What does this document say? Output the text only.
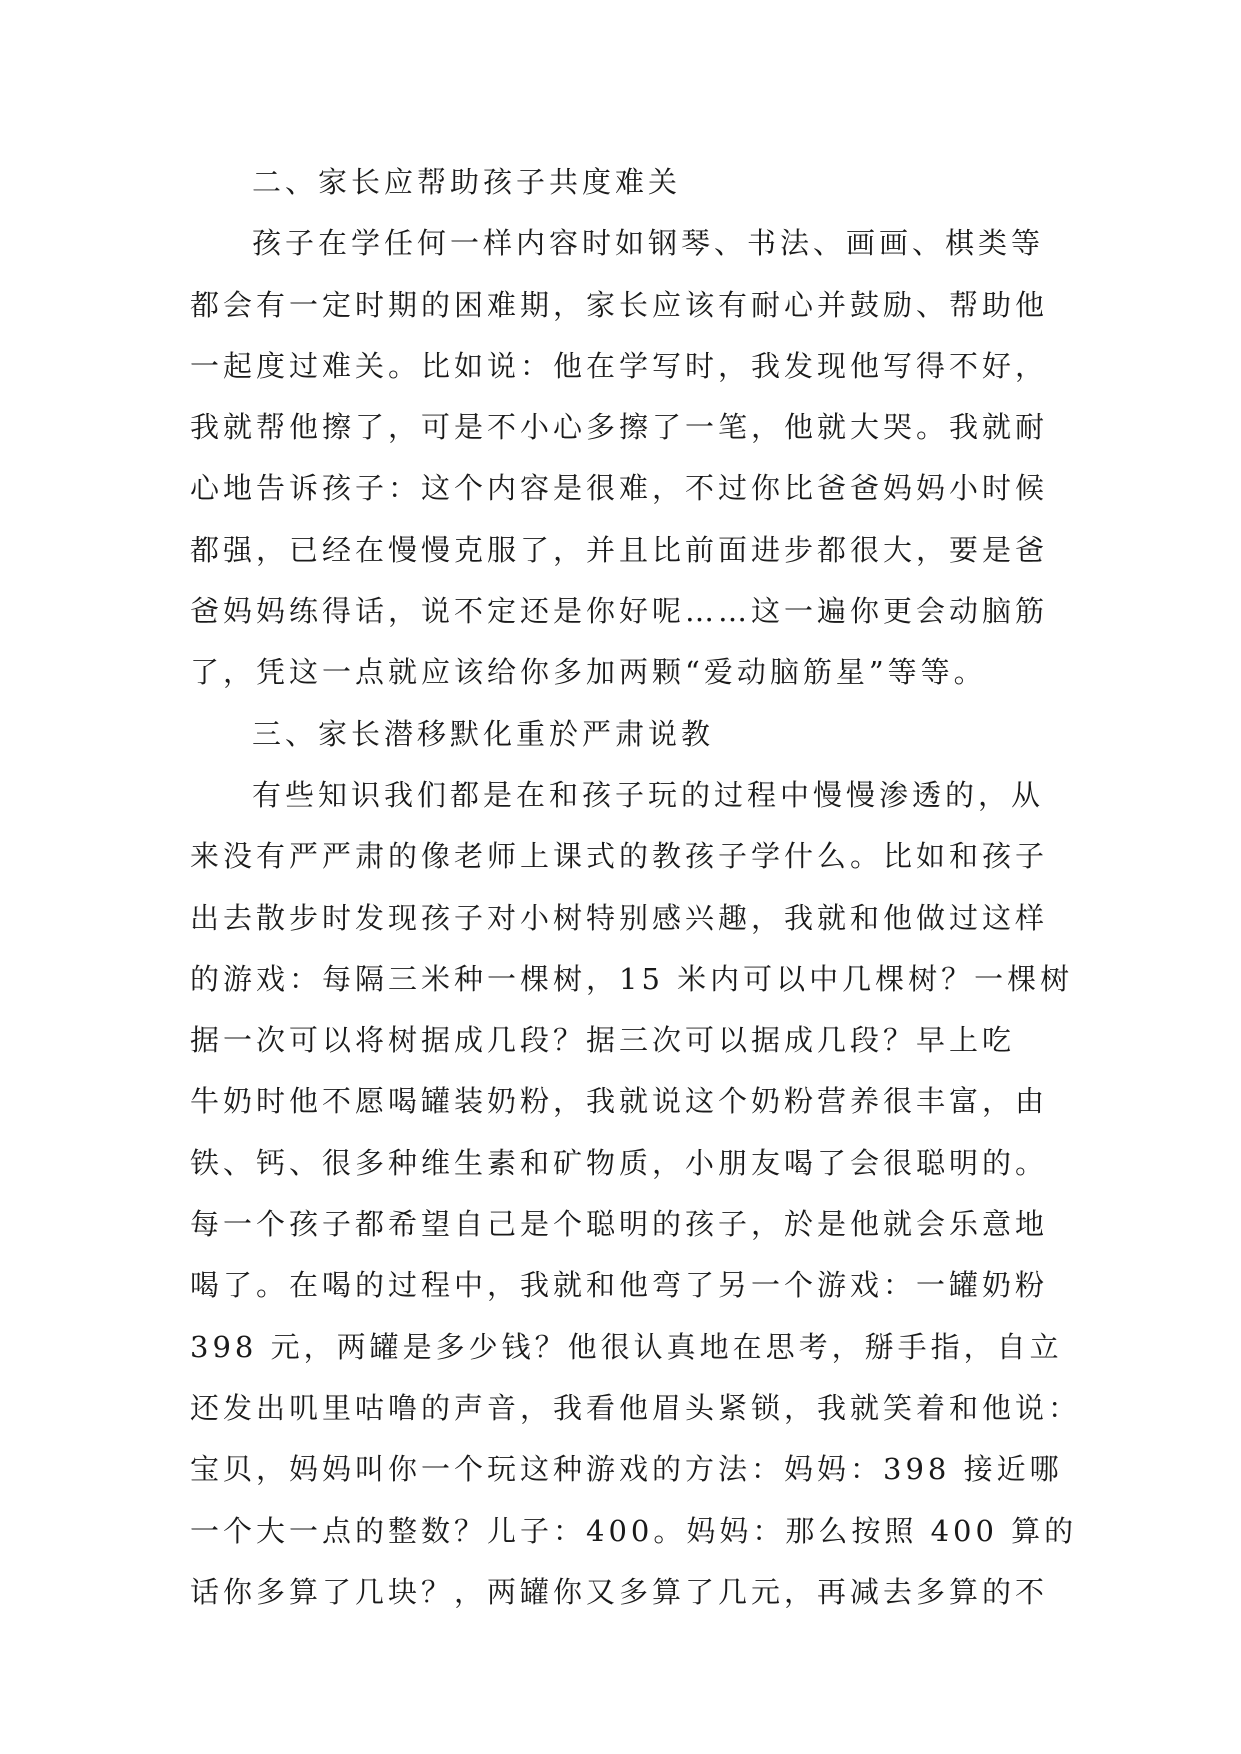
二、家长应帮助孩子共度难关
孩子在学任何一样内容时如钢琴、书法、画画、棋类等
都会有一定时期的困难期，家长应该有耐心并鼓励、帮助他
一起度过难关。比如说：他在学写时，我发现他写得不好，
我就帮他擦了，可是不小心多擦了一笔，他就大哭。我就耐
心地告诉孩子：这个内容是很难，不过你比爸爸妈妈小时候
都强，已经在慢慢克服了，并且比前面进步都很大，要是爸
爸妈妈练得话，说不定还是你好呢……这一遍你更会动脑筋
了，凭这一点就应该给你多加两颗“爱动脑筋星”等等。
三、家长潜移默化重於严肃说教
有些知识我们都是在和孩子玩的过程中慢慢渗透的，从
来没有严严肃的像老师上课式的教孩子学什么。比如和孩子
出去散步时发现孩子对小树特别感兴趣，我就和他做过这样
的游戏：每隔三米种一棵树，15 米内可以中几棵树？一棵树
据一次可以将树据成几段？据三次可以据成几段？早上吃
牛奶时他不愿喝罐装奶粉，我就说这个奶粉营养很丰富，由
铁、钙、很多种维生素和矿物质，小朋友喝了会很聪明的。
每一个孩子都希望自己是个聪明的孩子，於是他就会乐意地
喝了。在喝的过程中，我就和他弯了另一个游戏：一罐奶粉
398 元，两罐是多少钱？他很认真地在思考，掰手指，自立
还发出叽里咕噜的声音，我看他眉头紧锁，我就笑着和他说：
宝贝，妈妈叫你一个玩这种游戏的方法：妈妈：398 接近哪
一个大一点的整数？儿子：400。妈妈：那么按照 400 算的
话你多算了几块？，两罐你又多算了几元，再减去多算的不
